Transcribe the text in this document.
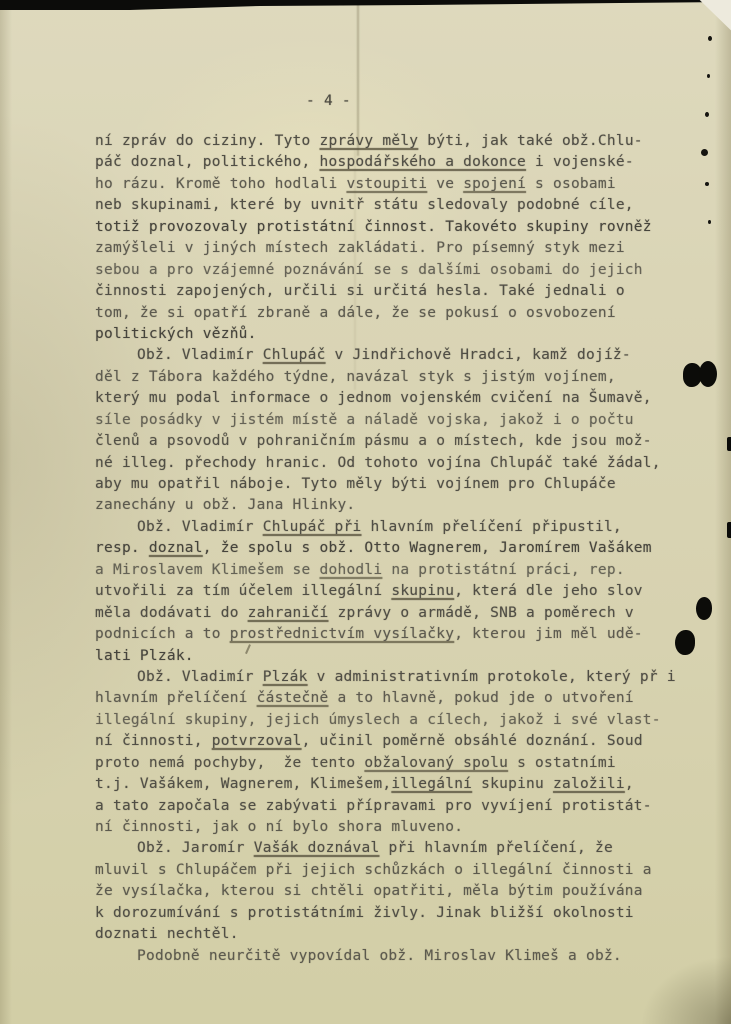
- 4 -
ní zpráv do ciziny. Tyto zprávy měly býti, jak také obž.Chlu-
páč doznal, politického, hospodářského a dokonce i vojenské-
ho rázu. Kromě toho hodlali vstoupiti ve spojení s osobami
neb skupinami, které by uvnitř státu sledovaly podobné cíle,
totiž provozovaly protistátní činnost. Takovéto skupiny rovněž
zamýšleli v jiných místech zakládati. Pro písemný styk mezi
sebou a pro vzájemné poznávání se s dalšími osobami do jejich
činnosti zapojených, určili si určitá hesla. Také jednali o
tom, že si opatří zbraně a dále, že se pokusí o osvobození
politických vězňů.
Obž. Vladimír Chlupáč v Jindřichově Hradci, kamž dojíž-
děl z Tábora každého týdne, navázal styk s jistým vojínem,
který mu podal informace o jednom vojenském cvičení na Šumavě,
síle posádky v jistém místě a náladě vojska, jakož i o počtu
členů a psovodů v pohraničním pásmu a o místech, kde jsou mož-
né illeg. přechody hranic. Od tohoto vojína Chlupáč také žádal,
aby mu opatřil náboje. Tyto měly býti vojínem pro Chlupáče
zanechány u obž. Jana Hlinky.
Obž. Vladimír Chlupáč při hlavním přelíčení připustil,
resp. doznal, že spolu s obž. Otto Wagnerem, Jaromírem Vašákem
a Miroslavem Klimešem se dohodli na protistátní práci, rep.
utvořili za tím účelem illegální skupinu, která dle jeho slov
měla dodávati do zahraničí zprávy o armádě, SNB a poměrech v
podnicích a to prostřednictvím vysílačky, kterou jim měl udě-
lati Plzák.
Obž. Vladimír Plzák v administrativním protokole, který př i
hlavním přelíčení částečně a to hlavně, pokud jde o utvoření
illegální skupiny, jejich úmyslech a cílech, jakož i své vlast-
ní činnosti, potvrzoval, učinil poměrně obsáhlé doznání. Soud
proto nemá pochyby,  že tento obžalovaný spolu s ostatními
t.j. Vašákem, Wagnerem, Klimešem,illegální skupinu založili,
a tato započala se zabývati přípravami pro vyvíjení protistát-
ní činnosti, jak o ní bylo shora mluveno.
Obž. Jaromír Vašák doznával při hlavním přelíčení, že
mluvil s Chlupáčem při jejich schůzkách o illegální činnosti a
že vysílačka, kterou si chtěli opatřiti, měla býtim používána
k dorozumívání s protistátními živly. Jinak bližší okolnosti
doznati nechtěl.
Podobně neurčitě vypovídal obž. Miroslav Klimeš a obž.
